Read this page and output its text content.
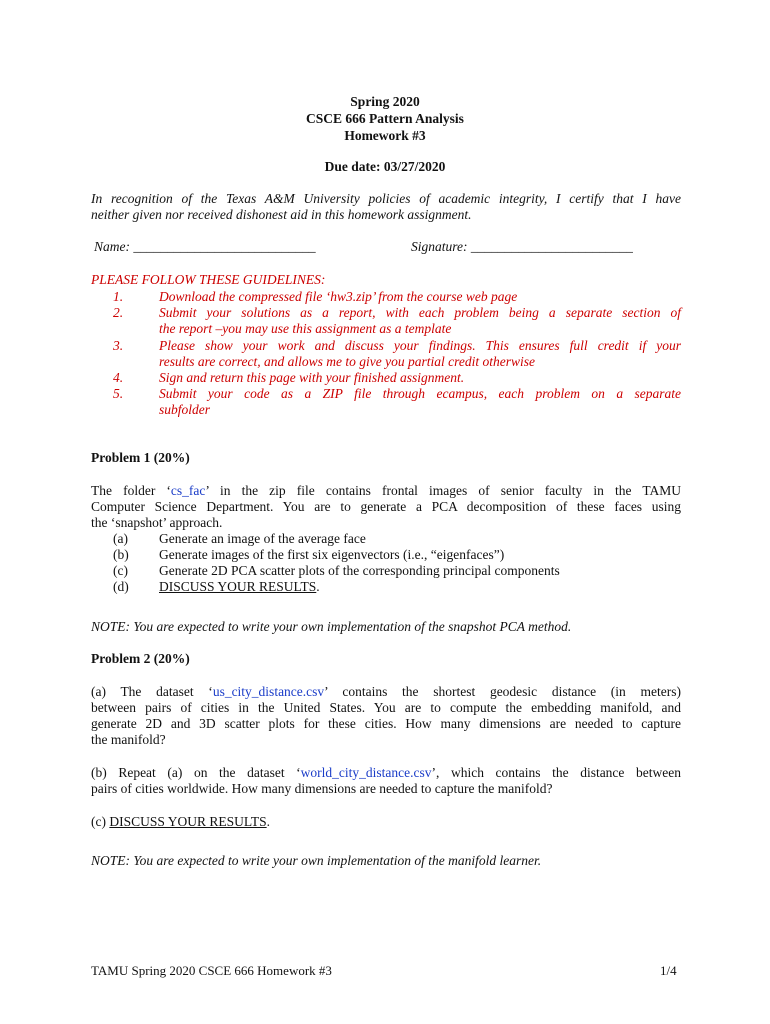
Spring 2020
CSCE 666 Pattern Analysis
Homework #3
Due date: 03/27/2020
In recognition of the Texas A&M University policies of academic integrity, I certify that I have
neither given nor received dishonest aid in this homework assignment.
Name: ___________________________	Signature: ________________________
PLEASE FOLLOW THESE GUIDELINES:
1.	Download the compressed file ‘hw3.zip’ from the course web page
2.	Submit your solutions as a report, with each problem being a separate section of
the report –you may use this assignment as a template
3.	Please show your work and discuss your findings. This ensures full credit if your
results are correct, and allows me to give you partial credit otherwise
4.	Sign and return this page with your finished assignment.
5.	Submit your code as a ZIP file through ecampus, each problem on a separate
subfolder
Problem 1 (20%)
The folder ‘cs_fac’ in the zip file contains frontal images of senior faculty in the TAMU
Computer Science Department. You are to generate a PCA decomposition of these faces using
the ‘snapshot’ approach.
(a)	Generate an image of the average face
(b)	Generate images of the first six eigenvectors (i.e., “eigenfaces”)
(c)	Generate 2D PCA scatter plots of the corresponding principal components
(d)	DISCUSS YOUR RESULTS.
NOTE: You are expected to write your own implementation of the snapshot PCA method.
Problem 2 (20%)
(a) The dataset ‘us_city_distance.csv’ contains the shortest geodesic distance (in meters)
between pairs of cities in the United States. You are to compute the embedding manifold, and
generate 2D and 3D scatter plots for these cities. How many dimensions are needed to capture
the manifold?
(b) Repeat (a) on the dataset ‘world_city_distance.csv’, which contains the distance between
pairs of cities worldwide. How many dimensions are needed to capture the manifold?
(c) DISCUSS YOUR RESULTS.
NOTE: You are expected to write your own implementation of the manifold learner.
TAMU Spring 2020 CSCE 666 Homework #3	1/4
